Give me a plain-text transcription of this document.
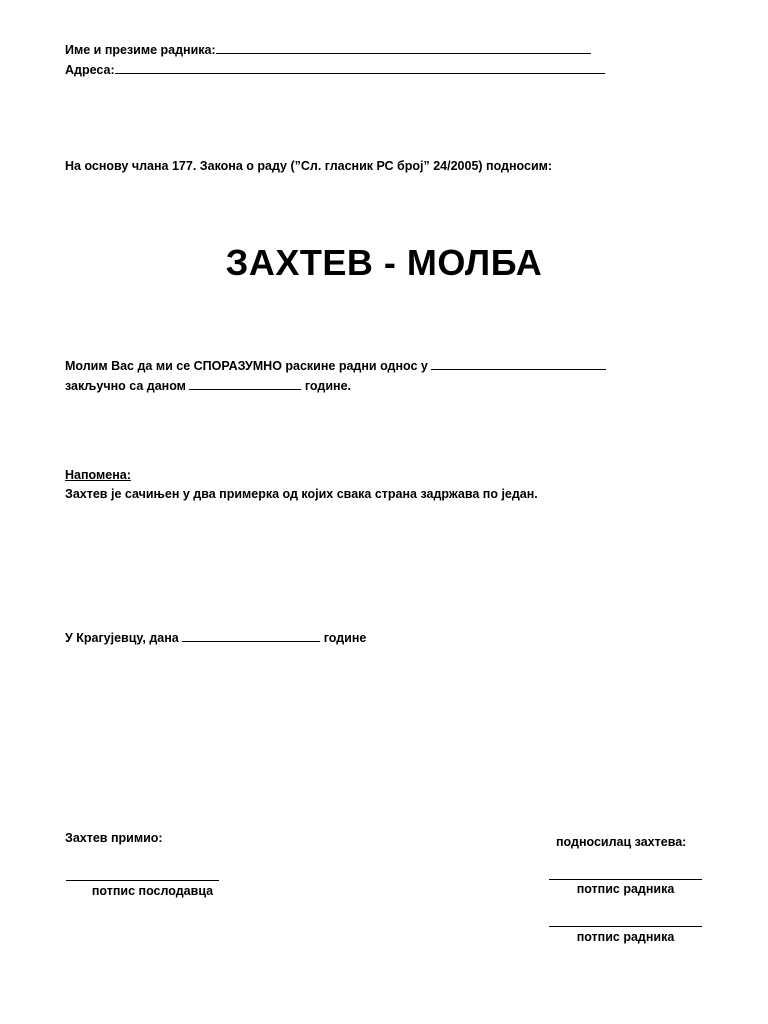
Име и презиме радника:
Адреса:
На основу члана 177. Закона о раду (”Сл. гласник РС број” 24/2005) подносим:
ЗАХТЕВ - МОЛБА
Молим Вас да ми се СПОРАЗУМНО раскине радни однос у
закључно са даном	године.
Напомена:
Захтев је сачињен у два примерка од којих свака страна задржава по један.
У Крагујевцу, дана	године
Захтев примио:
потпис послодавца
подносилац захтева:
потпис радника
потпис радника
